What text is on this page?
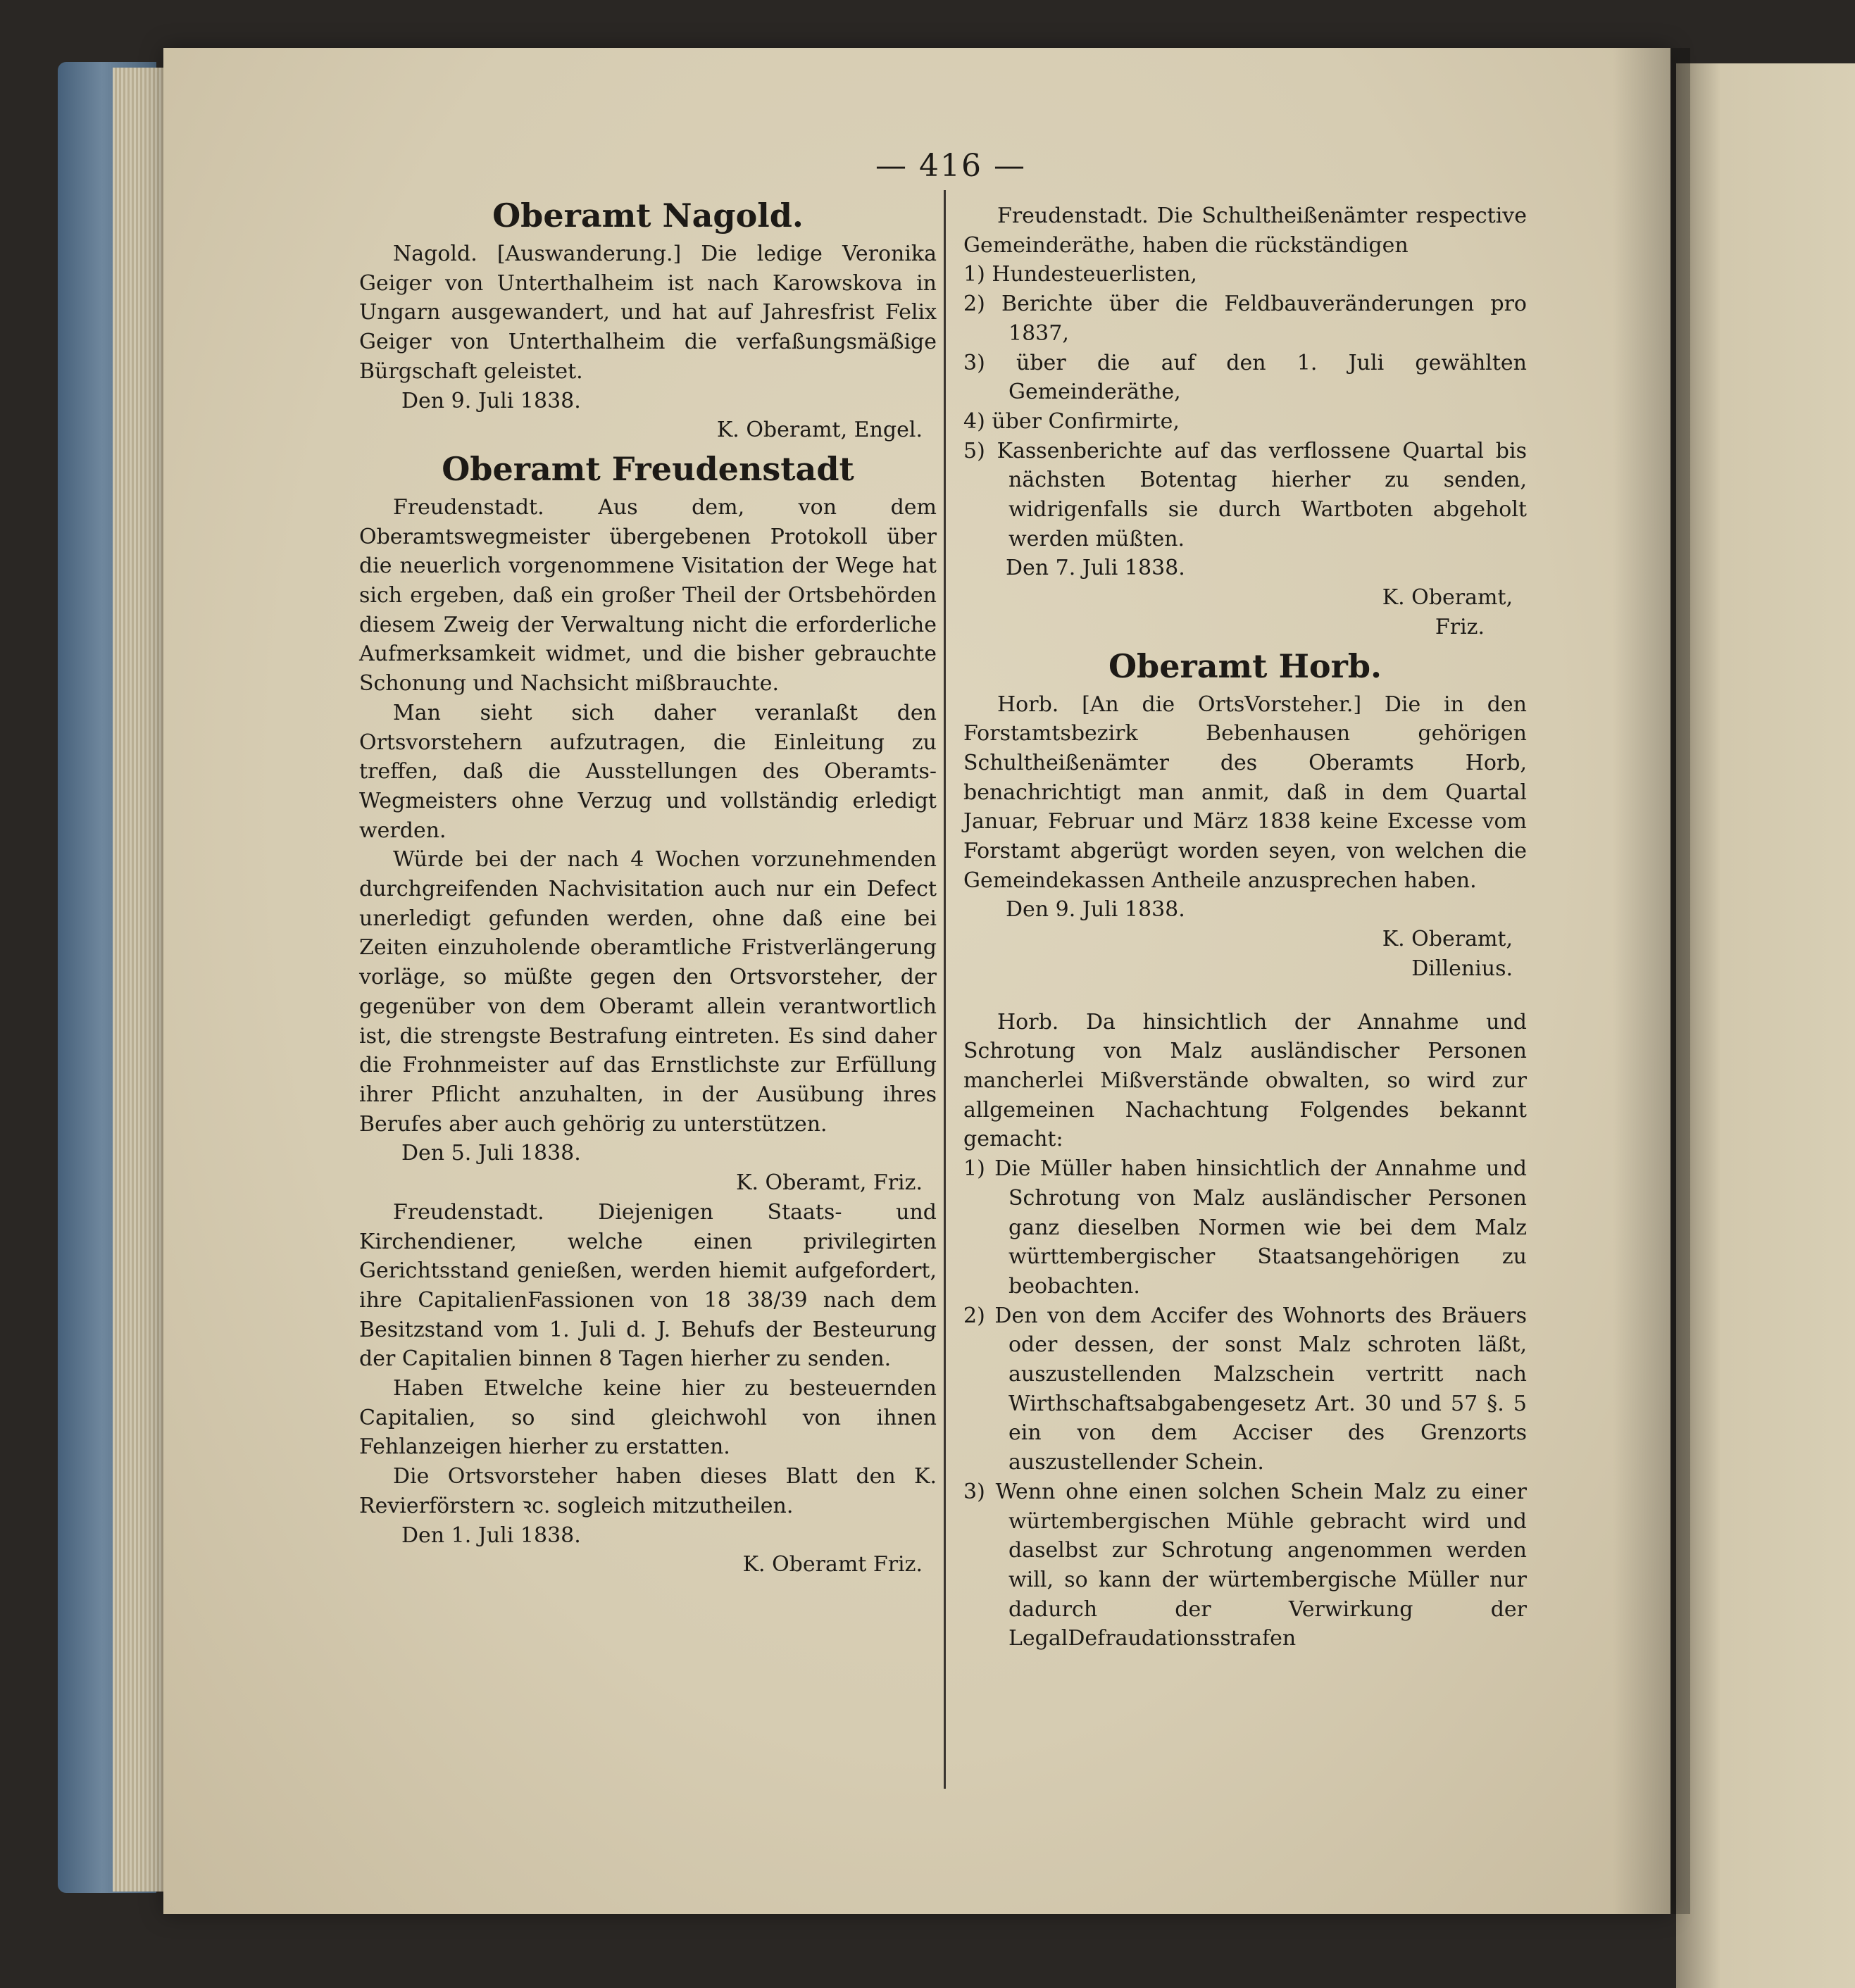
— 416 —
Oberamt Nagold.

Nagold. [Auswanderung.] Die ledige Veronika Geiger von Unterthalheim ist nach Karowskova in Ungarn ausgewandert, und hat auf Jahresfrist Felix Geiger von Unterthalheim die verfaßungsmäßige Bürgschaft geleistet.

Den 9. Juli 1838.

K. Oberamt, Engel.

Oberamt Freudenstadt

Freudenstadt. Aus dem, von dem Oberamtswegmeister übergebenen Protokoll über die neuerlich vorgenommene Visitation der Wege hat sich ergeben, daß ein großer Theil der Ortsbehörden diesem Zweig der Verwaltung nicht die erforderliche Aufmerksamkeit widmet, und die bisher gebrauchte Schonung und Nachsicht mißbrauchte.

Man sieht sich daher veranlaßt den Ortsvorstehern aufzutragen, die Einleitung zu treffen, daß die Ausstellungen des Oberamts-Wegmeisters ohne Verzug und vollständig erledigt werden.

Würde bei der nach 4 Wochen vorzunehmenden durchgreifenden Nachvisitation auch nur ein Defect unerledigt gefunden werden, ohne daß eine bei Zeiten einzuholende oberamtliche Fristverlängerung vorläge, so müßte gegen den Ortsvorsteher, der gegenüber von dem Oberamt allein verantwortlich ist, die strengste Bestrafung eintreten. Es sind daher die Frohnmeister auf das Ernstlichste zur Erfüllung ihrer Pflicht anzuhalten, in der Ausübung ihres Berufes aber auch gehörig zu unterstützen.

Den 5. Juli 1838.

K. Oberamt, Friz.

Freudenstadt. Diejenigen Staats- und Kirchendiener, welche einen privilegirten Gerichtsstand genießen, werden hiemit aufgefordert, ihre CapitalienFassionen von 18 38/39 nach dem Besitzstand vom 1. Juli d. J. Behufs der Besteurung der Capitalien binnen 8 Tagen hierher zu senden.

Haben Etwelche keine hier zu besteuernden Capitalien, so sind gleichwohl von ihnen Fehlanzeigen hierher zu erstatten.

Die Ortsvorsteher haben dieses Blatt den K. Revierförstern ꝛc. sogleich mitzutheilen.

Den 1. Juli 1838.

K. Oberamt Friz.

Freudenstadt. Die Schultheißenämter respective Gemeinderäthe, haben die rückständigen

1) Hundesteuerlisten,

2) Berichte über die Feldbauveränderungen pro 1837,

3) über die auf den 1. Juli gewählten Gemeinderäthe,

4) über Confirmirte,

5) Kassenberichte auf das verflossene Quartal bis nächsten Botentag hierher zu senden, widrigenfalls sie durch Wartboten abgeholt werden müßten.

Den 7. Juli 1838.

K. Oberamt,

Friz.

Oberamt Horb.

Horb. [An die OrtsVorsteher.] Die in den Forstamtsbezirk Bebenhausen gehörigen Schultheißenämter des Oberamts Horb, benachrichtigt man anmit, daß in dem Quartal Januar, Februar und März 1838 keine Excesse vom Forstamt abgerügt worden seyen, von welchen die Gemeindekassen Antheile anzusprechen haben.

Den 9. Juli 1838.

K. Oberamt,

Dillenius.

Horb. Da hinsichtlich der Annahme und Schrotung von Malz ausländischer Personen mancherlei Mißverstände obwalten, so wird zur allgemeinen Nachachtung Folgendes bekannt gemacht:

1) Die Müller haben hinsichtlich der Annahme und Schrotung von Malz ausländischer Personen ganz dieselben Normen wie bei dem Malz württembergischer Staatsangehörigen zu beobachten.

2) Den von dem Accifer des Wohnorts des Bräuers oder dessen, der sonst Malz schroten läßt, auszustellenden Malzschein vertritt nach Wirthschaftsabgabengesetz Art. 30 und 57 §. 5 ein von dem Acciser des Grenzorts auszustellender Schein.

3) Wenn ohne einen solchen Schein Malz zu einer würtembergischen Mühle gebracht wird und daselbst zur Schrotung angenommen werden will, so kann der würtembergische Müller nur dadurch der Verwirkung der LegalDefraudationsstrafen
